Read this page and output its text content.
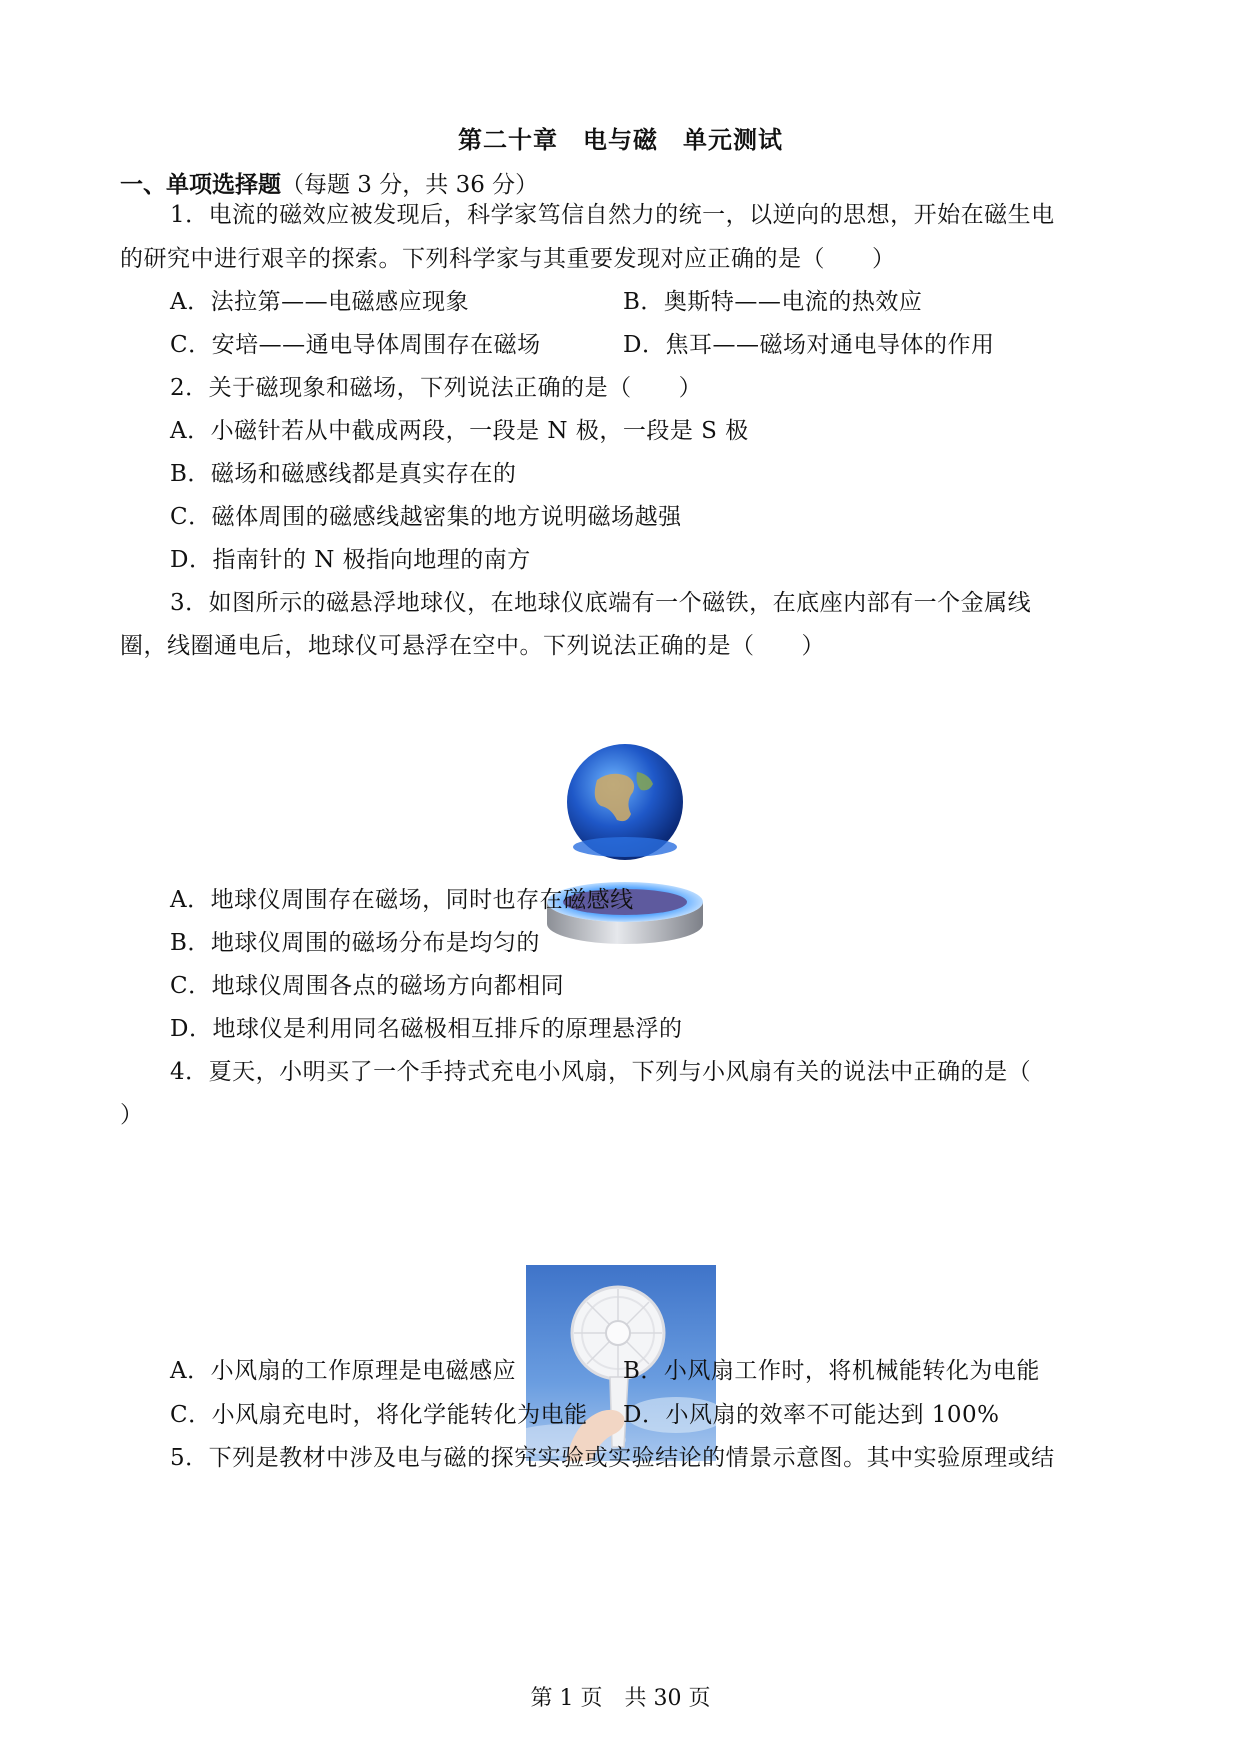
第二十章　电与磁　单元测试
一、单项选择题（每题 3 分，共 36 分）
1．电流的磁效应被发现后，科学家笃信自然力的统一，以逆向的思想，开始在磁生电
的研究中进行艰辛的探索。下列科学家与其重要发现对应正确的是（　　）
A．法拉第——电磁感应现象	B．奥斯特——电流的热效应
C．安培——通电导体周围存在磁场	D．焦耳——磁场对通电导体的作用
2．关于磁现象和磁场，下列说法正确的是（　　）
A．小磁针若从中截成两段，一段是 N 极，一段是 S 极
B．磁场和磁感线都是真实存在的
C．磁体周围的磁感线越密集的地方说明磁场越强
D．指南针的 N 极指向地理的南方
3．如图所示的磁悬浮地球仪，在地球仪底端有一个磁铁，在底座内部有一个金属线
圈，线圈通电后，地球仪可悬浮在空中。下列说法正确的是（　　）
A．地球仪周围存在磁场，同时也存在磁感线
B．地球仪周围的磁场分布是均匀的
C．地球仪周围各点的磁场方向都相同
D．地球仪是利用同名磁极相互排斥的原理悬浮的
4．夏天，小明买了一个手持式充电小风扇，下列与小风扇有关的说法中正确的是（
）
A．小风扇的工作原理是电磁感应	B．小风扇工作时，将机械能转化为电能
C．小风扇充电时，将化学能转化为电能 D．小风扇的效率不可能达到 100%
5．下列是教材中涉及电与磁的探究实验或实验结论的情景示意图。其中实验原理或结
第 1 页　共 30 页
